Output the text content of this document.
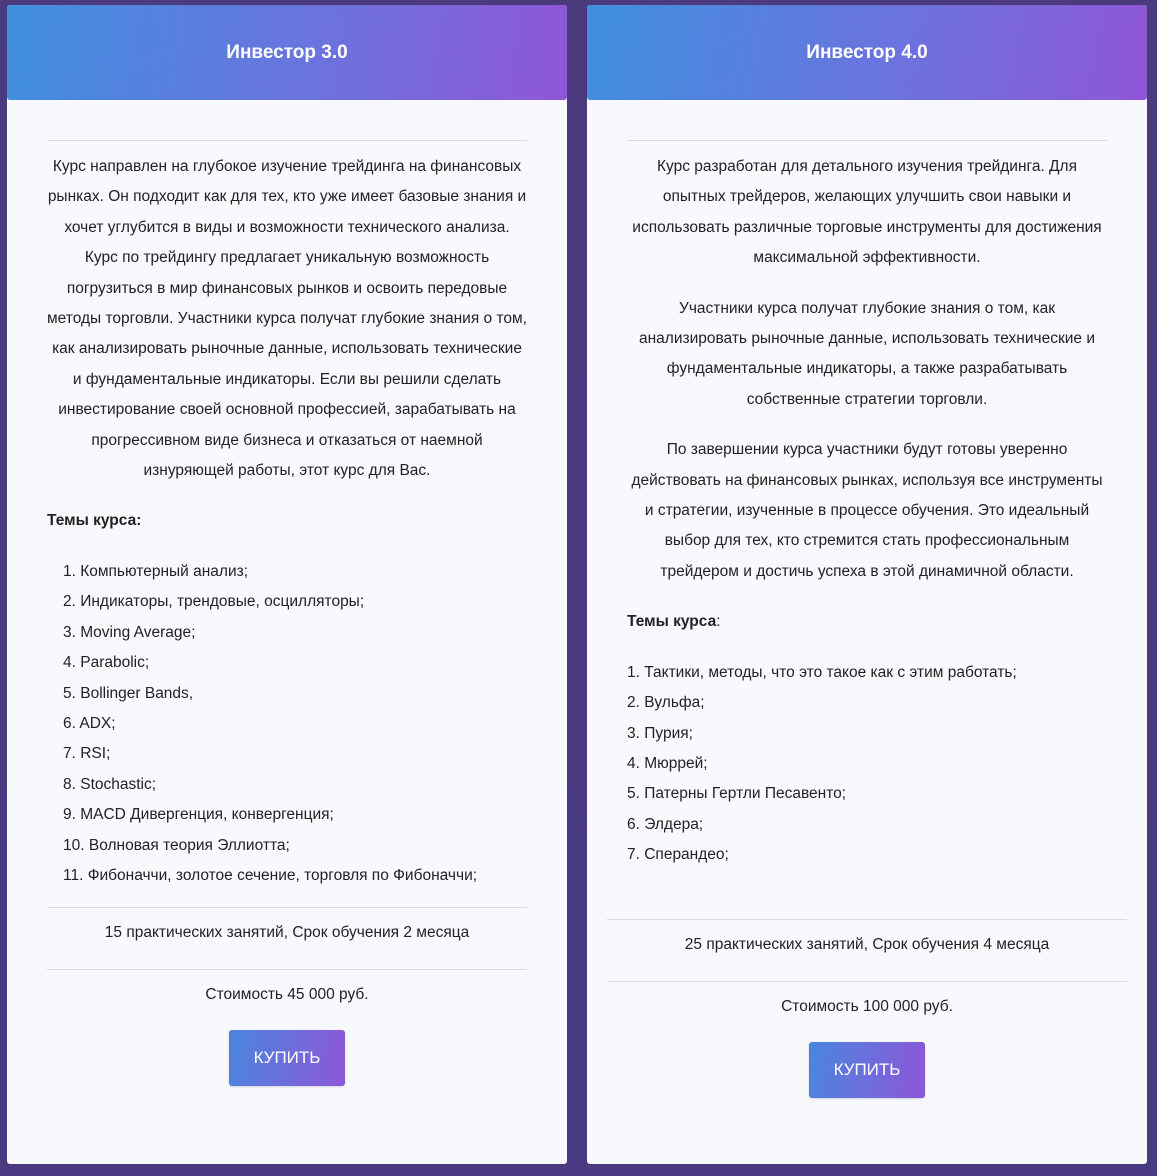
Инвестор 3.0

Курс направлен на глубокое изучение трейдинга на финансовых рынках. Он подходит как для тех, кто уже имеет базовые знания и хочет углубится в виды и возможности технического анализа. Курс по трейдингу предлагает уникальную возможность погрузиться в мир финансовых рынков и освоить передовые методы торговли. Участники курса получат глубокие знания о том, как анализировать рыночные данные, использовать технические и фундаментальные индикаторы. Если вы решили сделать инвестирование своей основной профессией, зарабатывать на прогрессивном виде бизнеса и отказаться от наемной изнуряющей работы, этот курс для Вас.

Темы курса:
1. Компьютерный анализ;
2. Индикаторы, трендовые, осцилляторы;
3. Moving Average;
4. Parabolic;
5. Bollinger Bands,
6. ADX;
7. RSI;
8. Stochastic;
9. MACD Дивергенция, конвергенция;
10. Волновая теория Эллиотта;
11. Фибоначчи, золотое сечение, торговля по Фибоначчи;
15 практических занятий, Срок обучения 2 месяца
Стоимость 45 000 руб.
КУПИТЬ
Инвестор 4.0

Курс разработан для детального изучения трейдинга. Для опытных трейдеров, желающих улучшить свои навыки и использовать различные торговые инструменты для достижения максимальной эффективности.

Участники курса получат глубокие знания о том, как анализировать рыночные данные, использовать технические и фундаментальные индикаторы, а также разрабатывать собственные стратегии торговли.

По завершении курса участники будут готовы уверенно действовать на финансовых рынках, используя все инструменты и стратегии, изученные в процессе обучения. Это идеальный выбор для тех, кто стремится стать профессиональным трейдером и достичь успеха в этой динамичной области.

Темы курса:
1. Тактики, методы, что это такое как с этим работать;
2. Вульфа;
3. Пурия;
4. Мюррей;
5. Патерны Гертли Песавенто;
6. Элдера;
7. Сперандео;
25 практических занятий, Срок обучения 4 месяца
Стоимость 100 000 руб.
КУПИТЬ
